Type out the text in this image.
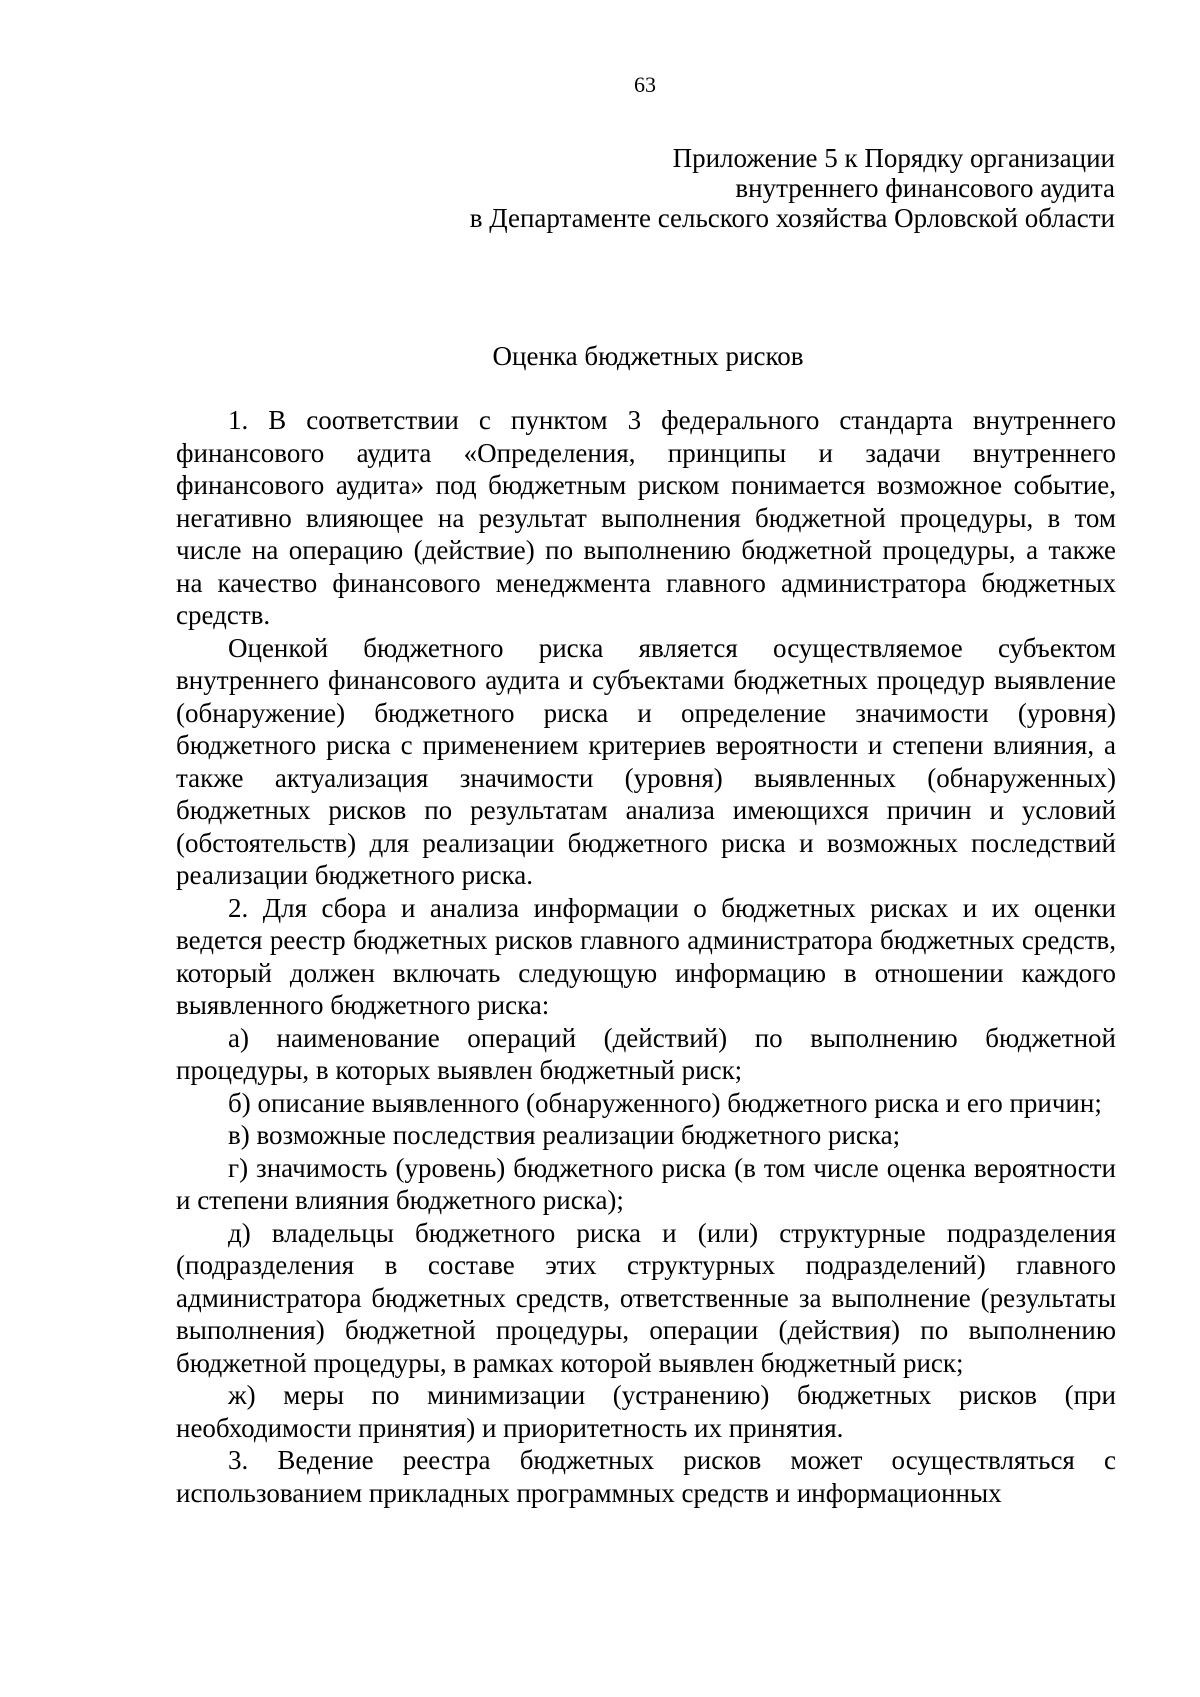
63
Приложение 5 к Порядку организации
внутреннего финансового аудита
в Департаменте сельского хозяйства Орловской области
Оценка бюджетных рисков

1. В соответствии с пунктом 3 федерального стандарта внутреннего финансового аудита «Определения, принципы и задачи внутреннего финансового аудита» под бюджетным риском понимается возможное событие, негативно влияющее на результат выполнения бюджетной процедуры, в том числе на операцию (действие) по выполнению бюджетной процедуры, а также на качество финансового менеджмента главного администратора бюджетных средств.

Оценкой бюджетного риска является осуществляемое субъектом внутреннего финансового аудита и субъектами бюджетных процедур выявление (обнаружение) бюджетного риска и определение значимости (уровня) бюджетного риска с применением критериев вероятности и степени влияния, а также актуализация значимости (уровня) выявленных (обнаруженных) бюджетных рисков по результатам анализа имеющихся причин и условий (обстоятельств) для реализации бюджетного риска и возможных последствий реализации бюджетного риска.

2. Для сбора и анализа информации о бюджетных рисках и их оценки ведется реестр бюджетных рисков главного администратора бюджетных средств, который должен включать следующую информацию в отношении каждого выявленного бюджетного риска:

а) наименование операций (действий) по выполнению бюджетной процедуры, в которых выявлен бюджетный риск;

б) описание выявленного (обнаруженного) бюджетного риска и его причин;

в) возможные последствия реализации бюджетного риска;

г) значимость (уровень) бюджетного риска (в том числе оценка вероятности и степени влияния бюджетного риска);

д) владельцы бюджетного риска и (или) структурные подразделения (подразделения в составе этих структурных подразделений) главного администратора бюджетных средств, ответственные за выполнение (результаты выполнения) бюджетной процедуры, операции (действия) по выполнению бюджетной процедуры, в рамках которой выявлен бюджетный риск;

ж) меры по минимизации (устранению) бюджетных рисков (при необходимости принятия) и приоритетность их принятия.

3. Ведение реестра бюджетных рисков может осуществляться с использованием прикладных программных средств и информационных
